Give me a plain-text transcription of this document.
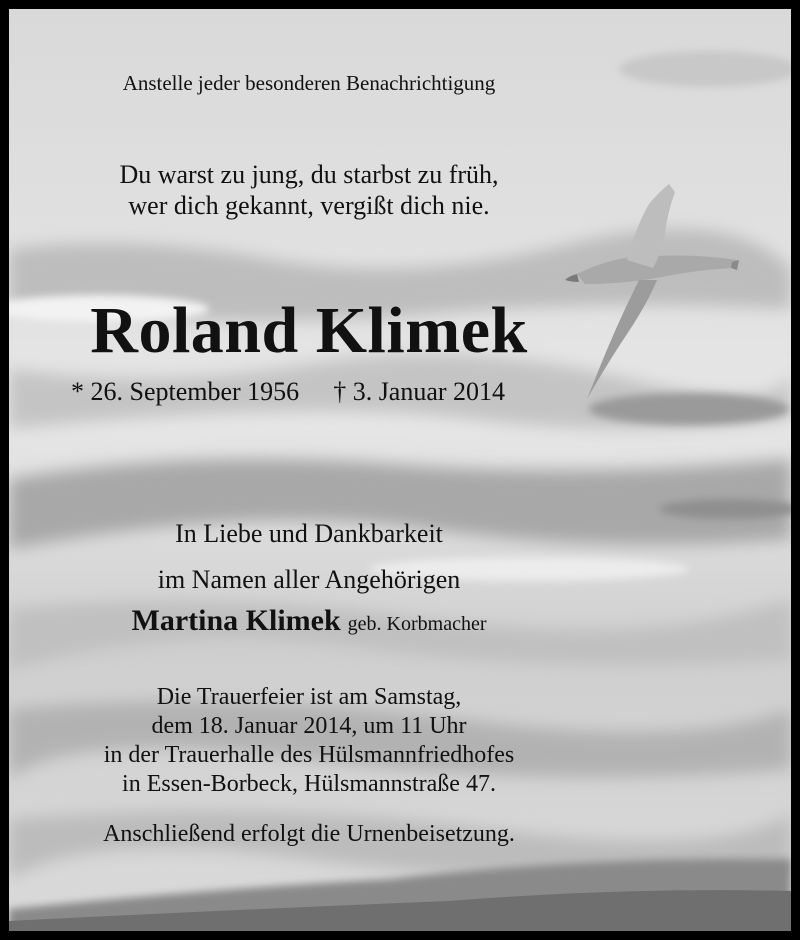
Anstelle jeder besonderen Benachrichtigung
Du warst zu jung, du starbst zu früh,
wer dich gekannt, vergißt dich nie.
Roland Klimek
* 26. September 1956 † 3. Januar 2014
In Liebe und Dankbarkeit
im Namen aller Angehörigen
Martina Klimek geb. Korbmacher
Die Trauerfeier ist am Samstag,
dem 18. Januar 2014, um 11 Uhr
in der Trauerhalle des Hülsmannfriedhofes
in Essen-Borbeck, Hülsmannstraße 47.
Anschließend erfolgt die Urnenbeisetzung.
